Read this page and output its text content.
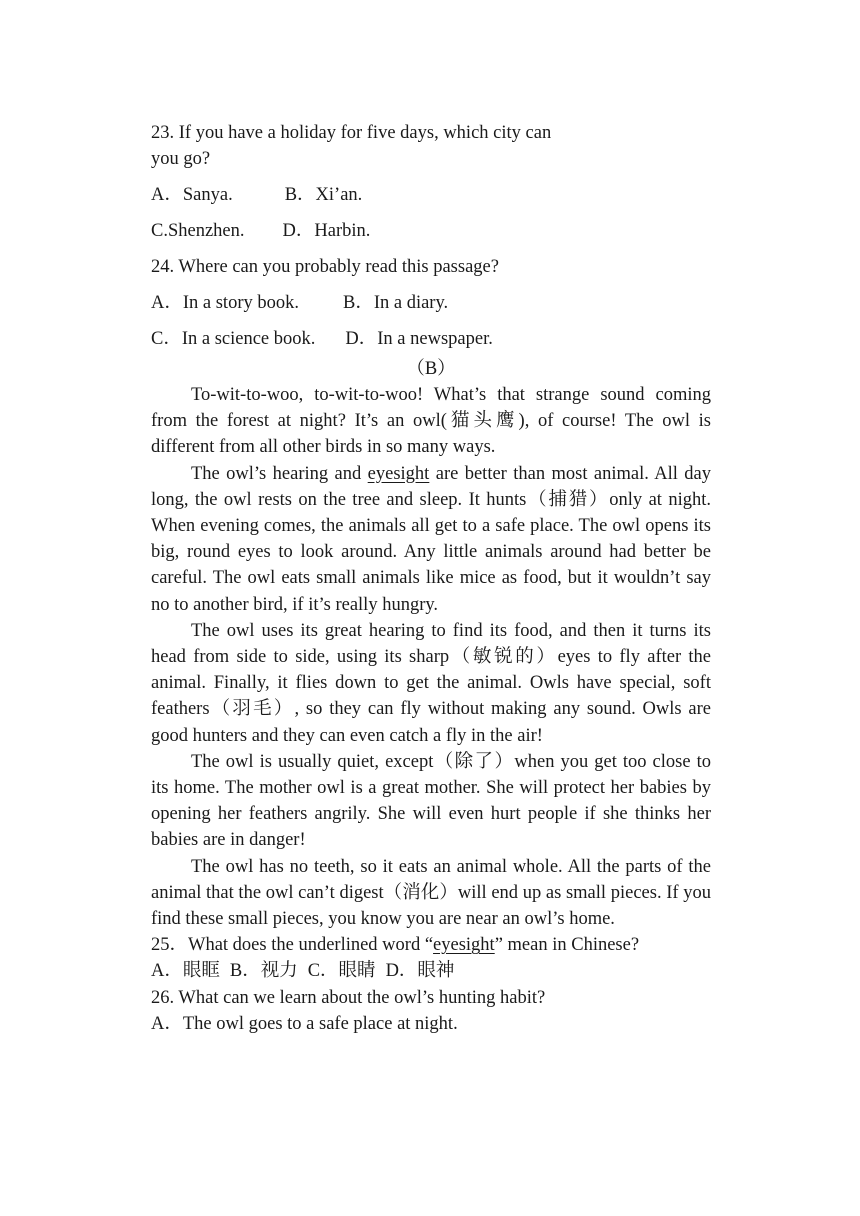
23. If you have a holiday for five days, which city can

you go?

A．Sanya.	B．Xi’an.

C.Shenzhen. D．Harbin.

24. Where can you probably read this passage?

A．In a story book. B．In a diary.

C．In a science book. D．In a newspaper.

（B）

To-wit-to-woo, to-wit-to-woo! What’s that strange sound coming from the forest at night? It’s an owl(猫头鹰), of course! The owl is different from all other birds in so many ways.

The owl’s hearing and eyesight are better than most animal. All day long, the owl rests on the tree and sleep. It hunts（捕猎）only at night. When evening comes, the animals all get to a safe place. The owl opens its big, round eyes to look around. Any little animals around had better be careful. The owl eats small animals like mice as food, but it wouldn’t say no to another bird, if it’s really hungry.

The owl uses its great hearing to find its food, and then it turns its head from side to side, using its sharp（敏锐的）eyes to fly after the animal. Finally, it flies down to get the animal. Owls have special, soft feathers（羽毛）, so they can fly without making any sound. Owls are good hunters and they can even catch a fly in the air!

The owl is usually quiet, except（除了）when you get too close to its home. The mother owl is a great mother. She will protect her babies by opening her feathers angrily. She will even hurt people if she thinks her babies are in danger!

The owl has no teeth, so it eats an animal whole. All the parts of the animal that the owl can’t digest（消化）will end up as small pieces. If you find these small pieces, you know you are near an owl’s home.

25．What does the underlined word “eyesight” mean in Chinese?

A．眼眶 B．视力 C．眼睛 D．眼神

26. What can we learn about the owl’s hunting habit?

A．The owl goes to a safe place at night.
